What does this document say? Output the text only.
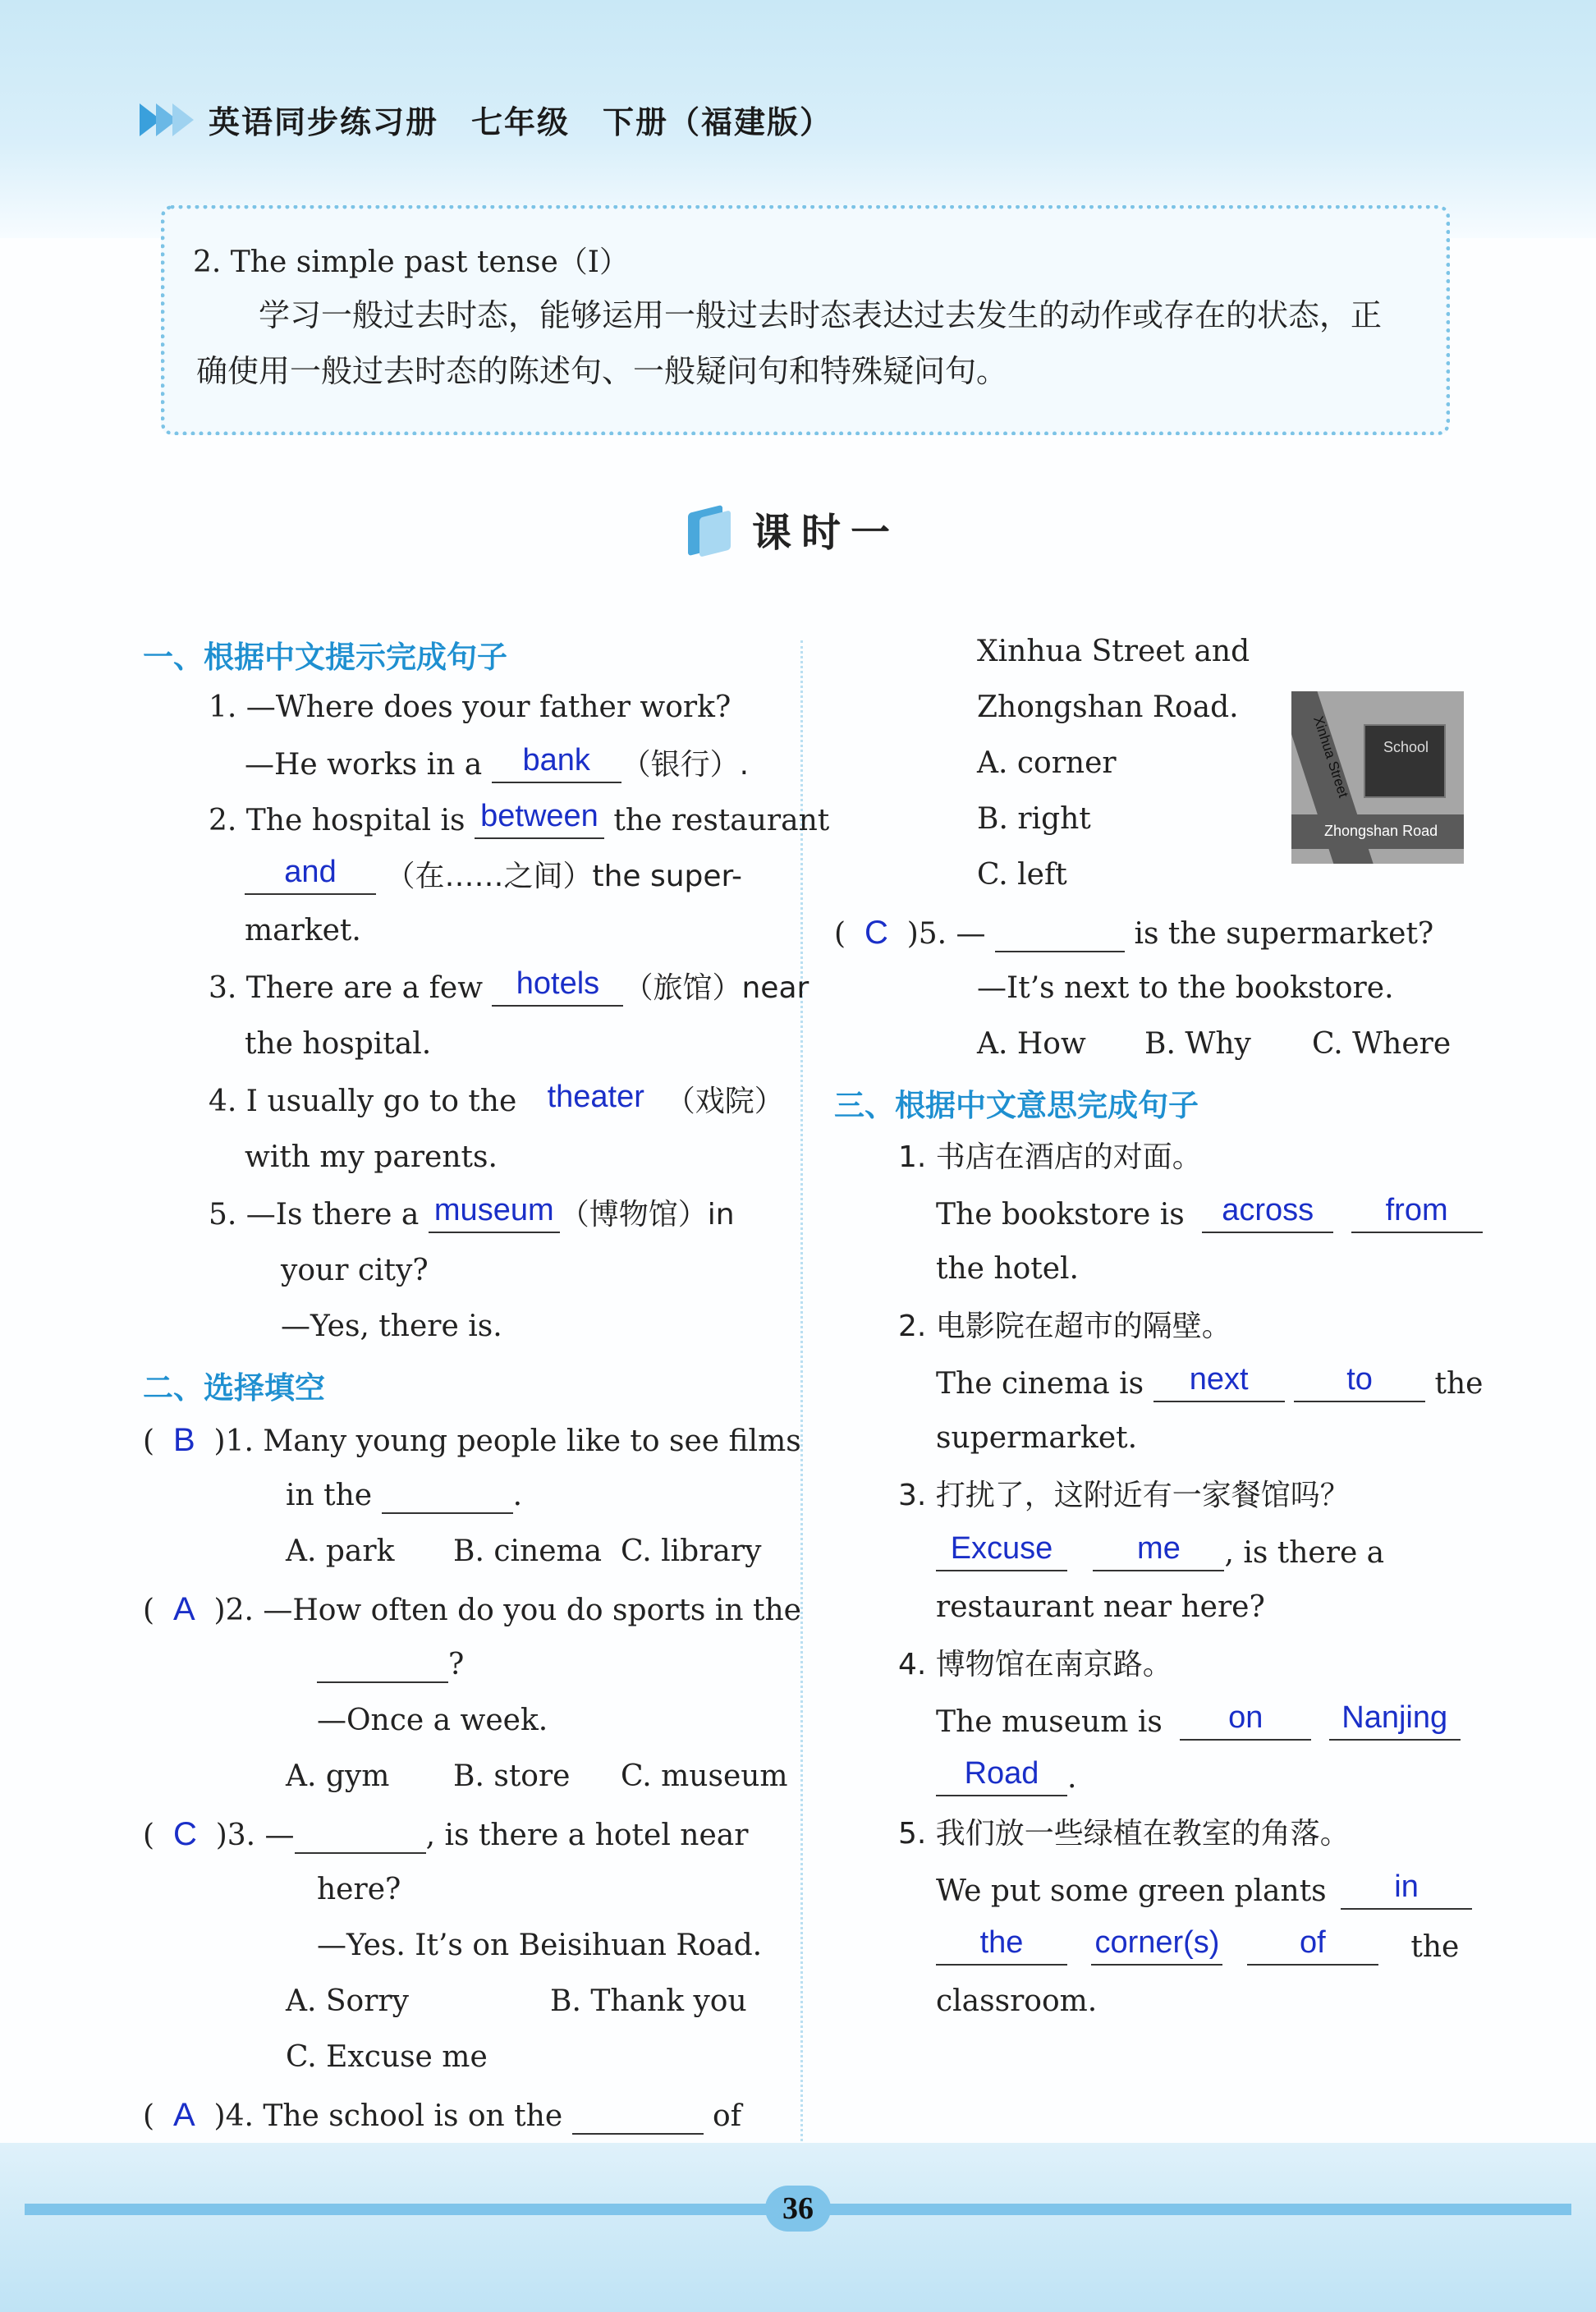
英语同步练习册　七年级　下册（福建版）
2. The simple past tense（Ⅰ）
学习一般过去时态，能够运用一般过去时态表达过去发生的动作或存在的状态，正确使用一般过去时态的陈述句、一般疑问句和特殊疑问句。
课时一
一、根据中文提示完成句子
1. —Where does your father work?
—He works in a	bank	（银行）.
2. The hospital is between the restaurant
and	（在……之间）the super-
market.
3. There are a few	hotels （旅馆）near
the hospital.
4. I usually go to the theater （戏院）
with my parents.
5. —Is there a museum （博物馆）in
your city?
—Yes, there is.
二、选择填空
(  B  )1. Many young people like to see films
in the	.
A. park B. cinema C. library
(  A  )2. —How often do you do sports in the
?
—Once a week.
A. gym B. store C. museum
(  C  )3. —	, is there a hotel near
here?
—Yes. It’s on Beisihuan Road.
A. Sorry	B. Thank you
C. Excuse me
(  A  )4. The school is on the	of
Xinhua Street and
Zhongshan Road.
A. corner
B. right
C. left
School
Xinhua Street
Zhongshan Road
(  C  )5. —	is the supermarket?
—It’s next to the bookstore.
A. How B. Why C. Where
三、根据中文意思完成句子
1. 书店在酒店的对面。
The bookstore is	across
	from
the hotel.
2. 电影院在超市的隔壁。
The cinema is	next
	to	the
supermarket.
3. 打扰了，这附近有一家餐馆吗？
Excuse
	me	, is there a
restaurant near here?
4. 博物馆在南京路。
The museum is	on
	Nanjing
Road .
5. 我们放一些绿植在教室的角落。
We put some green plants	in
the
	corner(s)
	of	the
classroom.
36
